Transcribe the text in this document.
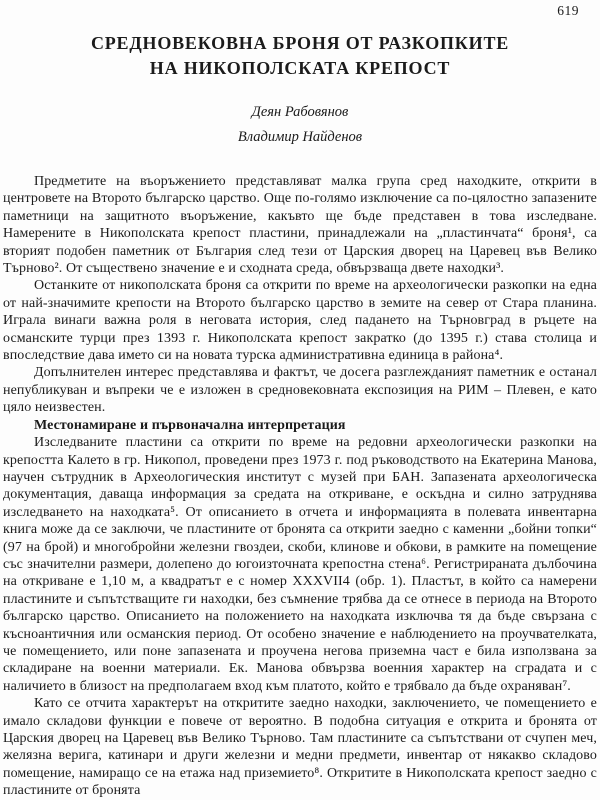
619
СРЕДНОВЕКОВНА БРОНЯ ОТ РАЗКОПКИТЕ
НА НИКОПОЛСКАТА КРЕПОСТ
Деян Рабовянов
Владимир Найденов

Предметите на въоръжението представляват малка група сред находките, открити в центровете на Второто българско царство. Още по-голямо изключение са по-цялостно запазените паметници на защитното въоръжение, какъвто ще бъде представен в това изследване. Намерените в Никополската крепост пластини, принадлежали на „пластинчата“ броня¹, са вторият подобен паметник от България след тези от Царския дворец на Царевец във Велико Търново². От съществено значение е и сходната среда, обвързваща двете находки³.

Останките от никополската броня са открити по време на археологически разкопки на една от най-значимите крепости на Второто българско царство в земите на север от Стара планина. Играла винаги важна роля в неговата история, след падането на Търновград в ръцете на османските турци през 1393 г. Никополската крепост закратко (до 1395 г.) става столица и впоследствие дава името си на новата турска административна единица в района⁴.

Допълнителен интерес представлява и фактът, че досега разглежданият паметник е останал непубликуван и въпреки че е изложен в средновековната експозиция на РИМ – Плевен, е като цяло неизвестен.

Местонамиране и първоначална интерпретация

Изследваните пластини са открити по време на редовни археологически разкопки на крепостта Калето в гр. Никопол, проведени през 1973 г. под ръководството на Екатерина Манова, научен сътрудник в Археологическия институт с музей при БАН. Запазената археологическа документация, даваща информация за средата на откриване, е оскъдна и силно затруднява изследването на находката⁵. От описанието в отчета и информацията в полевата инвентарна книга може да се заключи, че пластините от бронята са открити заедно с каменни „бойни топки“ (97 на брой) и многобройни железни гвоздеи, скоби, клинове и обкови, в рамките на помещение със значителни размери, долепено до югоизточната крепостна стена⁶. Регистрираната дълбочина на откриване е 1,10 м, а квадратът е с номер XXXVII4 (обр. 1). Пластът, в който са намерени пластините и съпътстващите ги находки, без съмнение трябва да се отнесе в периода на Второто българско царство. Описанието на положението на находката изключва тя да бъде свързана с късноантичния или османския период. От особено значение е наблюдението на проучвателката, че помещението, или поне запазената и проучена негова приземна част е била използвана за складиране на военни материали. Ек. Манова обвързва военния характер на сградата и с наличието в близост на предполагаем вход към платото, който е трябвало да бъде охраняван⁷.

Като се отчита характерът на откритите заедно находки, заключението, че помещението е имало складови функции е повече от вероятно. В подобна ситуация е открита и бронята от Царския дворец на Царевец във Велико Търново. Там пластините са съпътствани от счупен меч, желязна верига, катинари и други железни и медни предмети, инвентар от някакво складово помещение, намиращо се на етажа над приземието⁸. Откритите в Никополската крепост заедно с пластините от бронята
